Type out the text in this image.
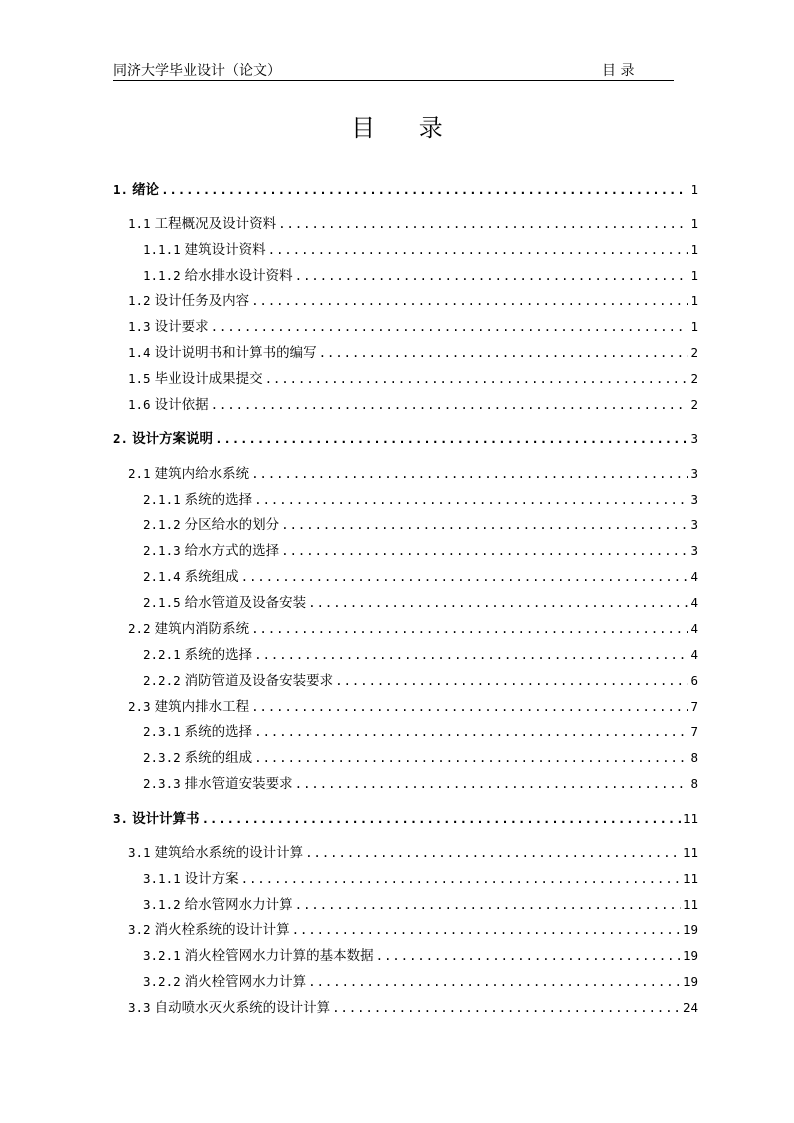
同济大学毕业设计（论文）	目 录
目 录
1. 绪论 .....	1
1.1 工程概况及设计资料 .....	1
1.1.1 建筑设计资料 .....	1
1.1.2 给水排水设计资料 .....	1
1.2 设计任务及内容 .....	1
1.3 设计要求 .....	1
1.4 设计说明书和计算书的编写 .....	2
1.5 毕业设计成果提交 .....	2
1.6 设计依据 .....	2
2. 设计方案说明 .....	3
2.1 建筑内给水系统 .....	3
2.1.1 系统的选择 .....	3
2.1.2 分区给水的划分 .....	3
2.1.3 给水方式的选择 .....	3
2.1.4 系统组成 .....	4
2.1.5 给水管道及设备安装 .....	4
2.2 建筑内消防系统 .....	4
2.2.1 系统的选择 .....	4
2.2.2 消防管道及设备安装要求 .....	6
2.3 建筑内排水工程 .....	7
2.3.1 系统的选择 .....	7
2.3.2 系统的组成 .....	8
2.3.3 排水管道安装要求 .....	8
3. 设计计算书 .....	11
3.1 建筑给水系统的设计计算 .....	11
3.1.1 设计方案 .....	11
3.1.2 给水管网水力计算 .....	11
3.2 消火栓系统的设计计算 .....	19
3.2.1 消火栓管网水力计算的基本数据 .....	19
3.2.2 消火栓管网水力计算 .....	19
3.3 自动喷水灭火系统的设计计算 .....	24
